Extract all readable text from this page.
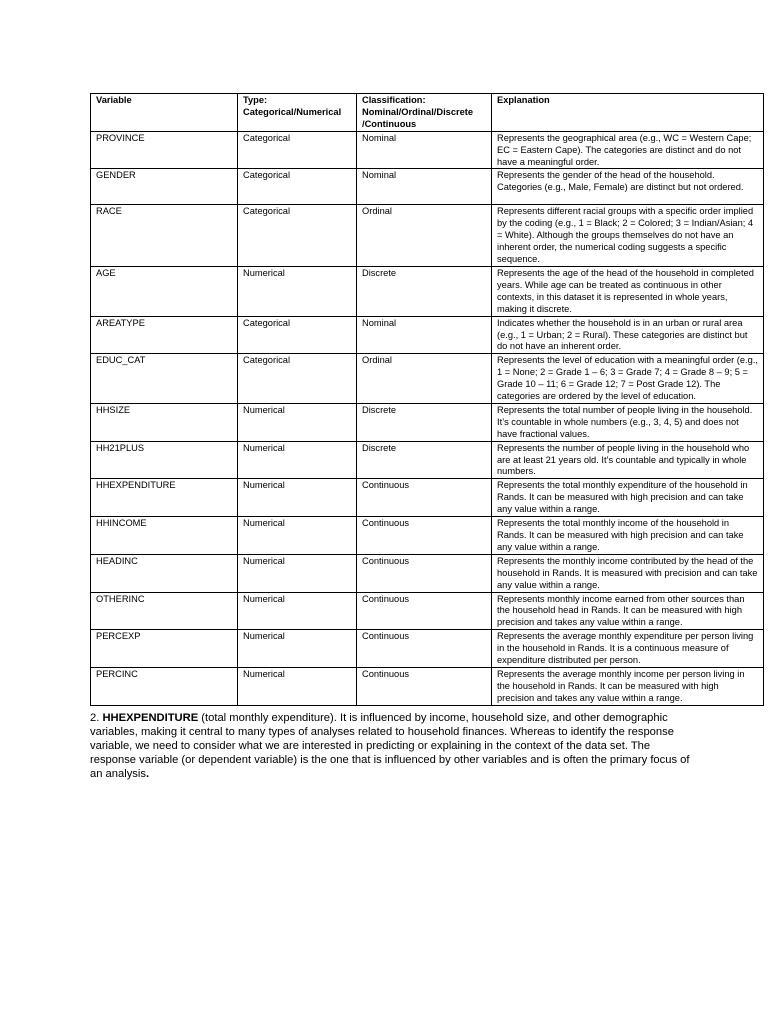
Variable	Type: Categorical/Numerical	Classification: Nominal/Ordinal/Discrete /Continuous	Explanation
PROVINCE	Categorical	Nominal	Represents the geographical area (e.g., WC = Western Cape; EC = Eastern Cape). The categories are distinct and do not have a meaningful order.
GENDER	Categorical	Nominal	Represents the gender of the head of the household. Categories (e.g., Male, Female) are distinct but not ordered.
RACE	Categorical	Ordinal	Represents different racial groups with a specific order implied by the coding (e.g., 1 = Black; 2 = Colored; 3 = Indian/Asian; 4 = White). Although the groups themselves do not have an inherent order, the numerical coding suggests a specific sequence.
AGE	Numerical	Discrete	Represents the age of the head of the household in completed years. While age can be treated as continuous in other contexts, in this dataset it is represented in whole years, making it discrete.
AREATYPE	Categorical	Nominal	Indicates whether the household is in an urban or rural area (e.g., 1 = Urban; 2 = Rural). These categories are distinct but do not have an inherent order.
EDUC_CAT	Categorical	Ordinal	Represents the level of education with a meaningful order (e.g., 1 = None; 2 = Grade 1 – 6; 3 = Grade 7; 4 = Grade 8 – 9; 5 = Grade 10 – 11; 6 = Grade 12; 7 = Post Grade 12). The categories are ordered by the level of education.
HHSIZE	Numerical	Discrete	Represents the total number of people living in the household. It’s countable in whole numbers (e.g., 3, 4, 5) and does not have fractional values.
HH21PLUS	Numerical	Discrete	Represents the number of people living in the household who are at least 21 years old. It’s countable and typically in whole numbers.
HHEXPENDITURE	Numerical	Continuous	Represents the total monthly expenditure of the household in Rands. It can be measured with high precision and can take any value within a range.
HHINCOME	Numerical	Continuous	Represents the total monthly income of the household in Rands. It can be measured with high precision and can take any value within a range.
HEADINC	Numerical	Continuous	Represents the monthly income contributed by the head of the household in Rands. It is measured with precision and can take any value within a range.
OTHERINC	Numerical	Continuous	Represents monthly income earned from other sources than the household head in Rands. It can be measured with high precision and takes any value within a range.
PERCEXP	Numerical	Continuous	Represents the average monthly expenditure per person living in the household in Rands. It is a continuous measure of expenditure distributed per person.
PERCINC	Numerical	Continuous	Represents the average monthly income per person living in the household in Rands. It can be measured with high precision and takes any value within a range.

2. HHEXPENDITURE (total monthly expenditure). It is influenced by income, household size, and other demographic variables, making it central to many types of analyses related to household finances. Whereas to identify the response variable, we need to consider what we are interested in predicting or explaining in the context of the data set. The response variable (or dependent variable) is the one that is influenced by other variables and is often the primary focus of an analysis.
